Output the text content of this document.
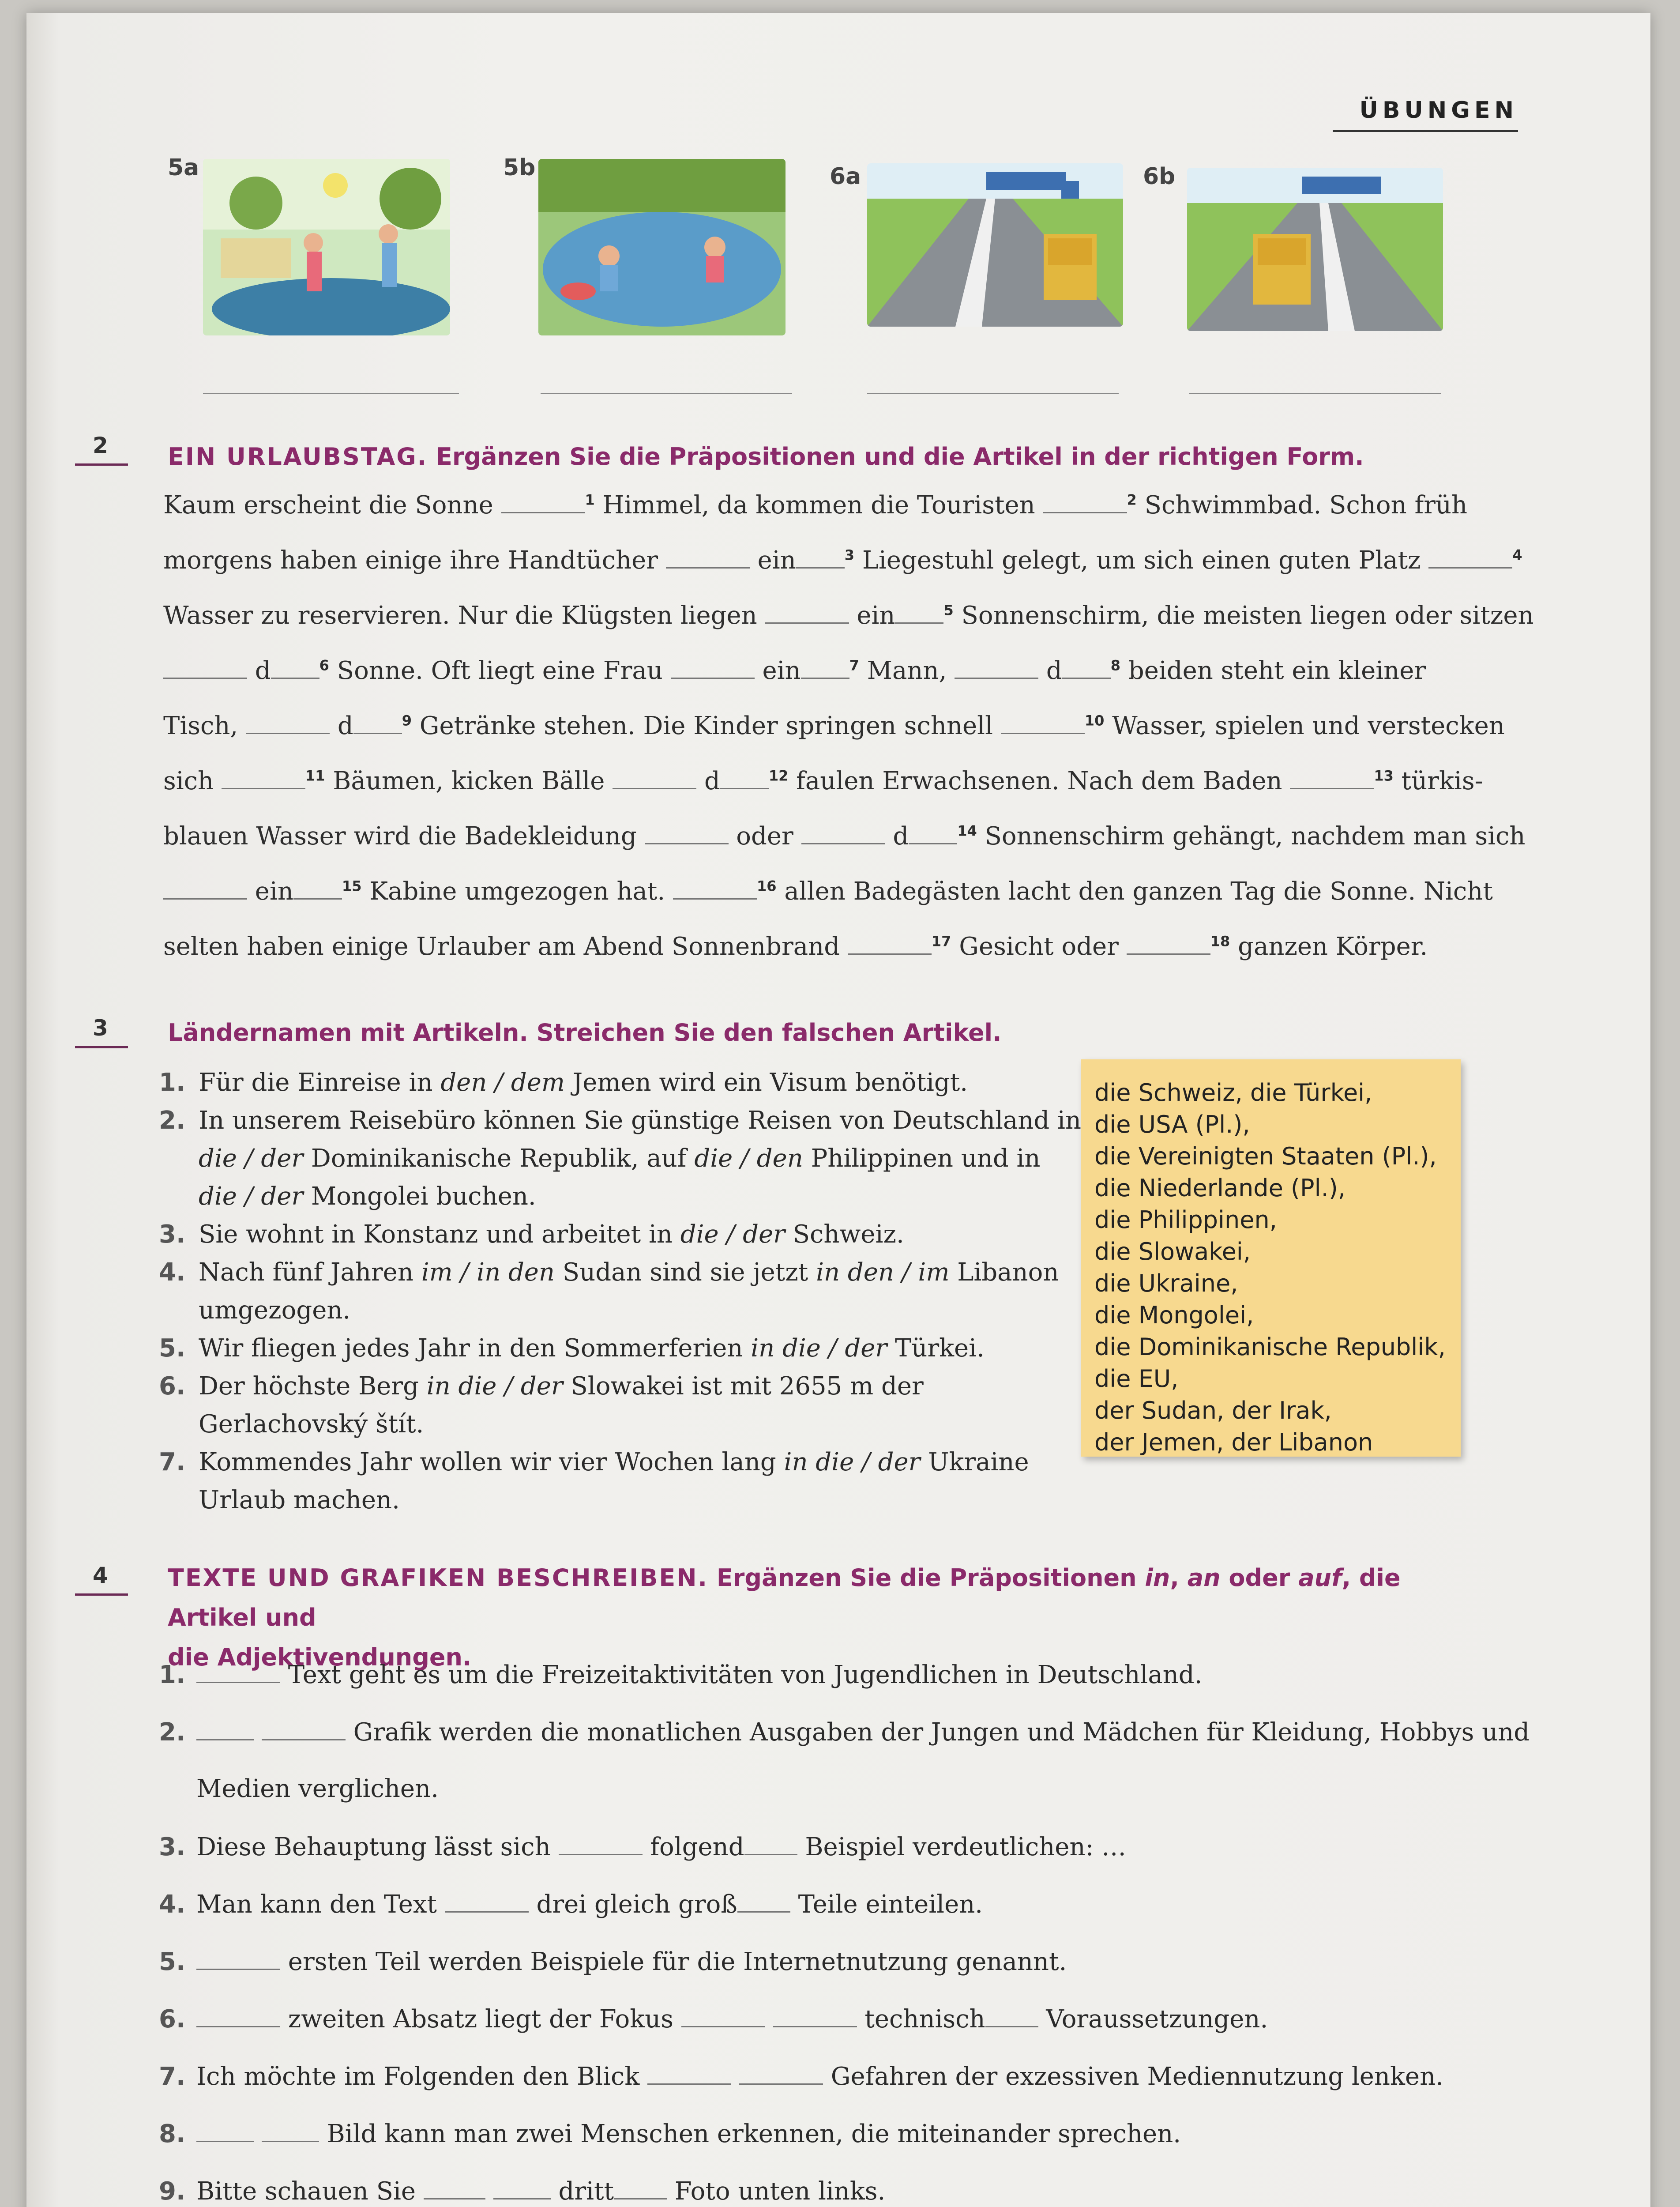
ÜBUNGEN
5a	5b	6a	6b
2	EIN URLAUBSTAG. Ergänzen Sie die Präpositionen und die Artikel in der richtigen Form.
Kaum erscheint die Sonne	$^1$ Himmel, da kommen die Touristen	$^2$ Schwimmbad. Schon früh
morgens haben einige ihre Handtücher	ein	$^3$ Liegestuhl gelegt, um sich einen guten Platz	$^4$
Wasser zu reservieren. Nur die Klügsten liegen	ein	$^5$ Sonnenschirm, die meisten liegen oder sitzen
d	$^6$ Sonne. Oft liegt eine Frau	ein	$^7$ Mann,	d	$^8$ beiden steht ein kleiner
Tisch,	d	$^9$ Getränke stehen. Die Kinder springen schnell	$^{10}$ Wasser, spielen und verstecken
sich	$^{11}$ Bäumen, kicken Bälle	d	$^{12}$ faulen Erwachsenen. Nach dem Baden	$^{13}$ türkis-
blauen Wasser wird die Badekleidung	oder	d	$^{14}$ Sonnenschirm gehängt, nachdem man sich
ein	$^{15}$ Kabine umgezogen hat.	$^{16}$ allen Badegästen lacht den ganzen Tag die Sonne. Nicht
selten haben einige Urlauber am Abend Sonnenbrand	$^{17}$ Gesicht oder	$^{18}$ ganzen Körper.
3	Ländernamen mit Artikeln. Streichen Sie den falschen Artikel.
1. Für die Einreise in den / dem Jemen wird ein Visum benötigt.
2. In unserem Reisebüro können Sie günstige Reisen von Deutschland in die / der Dominikanische Republik, auf die / den Philippinen und in die / der Mongolei buchen.
3. Sie wohnt in Konstanz und arbeitet in die / der Schweiz.
4. Nach fünf Jahren im / in den Sudan sind sie jetzt in den / im Libanon umgezogen.
5. Wir fliegen jedes Jahr in den Sommerferien in die / der Türkei.
6. Der höchste Berg in die / der Slowakei ist mit 2655 m der Gerlachovský štít.
7. Kommendes Jahr wollen wir vier Wochen lang in die / der Ukraine Urlaub machen.
die Schweiz, die Türkei,
die USA (Pl.),
die Vereinigten Staaten (Pl.),
die Niederlande (Pl.),
die Philippinen,
die Slowakei,
die Ukraine,
die Mongolei,
die Dominikanische Republik,
die EU,
der Sudan, der Irak,
der Jemen, der Libanon
4	TEXTE UND GRAFIKEN BESCHREIBEN. Ergänzen Sie die Präpositionen in, an oder auf, die Artikel und
die Adjektivendungen.
1.	Text geht es um die Freizeitaktivitäten von Jugendlichen in Deutschland.
2.	Grafik werden die monatlichen Ausgaben der Jungen und Mädchen für Kleidung, Hobbys und
Medien verglichen.
3. Diese Behauptung lässt sich	folgend Beispiel verdeutlichen: …
4. Man kann den Text	drei gleich groß Teile einteilen.
5.	ersten Teil werden Beispiele für die Internetnutzung genannt.
6.	zweiten Absatz liegt der Fokus	technisch Voraussetzungen.
7. Ich möchte im Folgenden den Blick	Gefahren der exzessiven Mediennutzung lenken.
8.	Bild kann man zwei Menschen erkennen, die miteinander sprechen.
9. Bitte schauen Sie	dritt Foto unten links.
